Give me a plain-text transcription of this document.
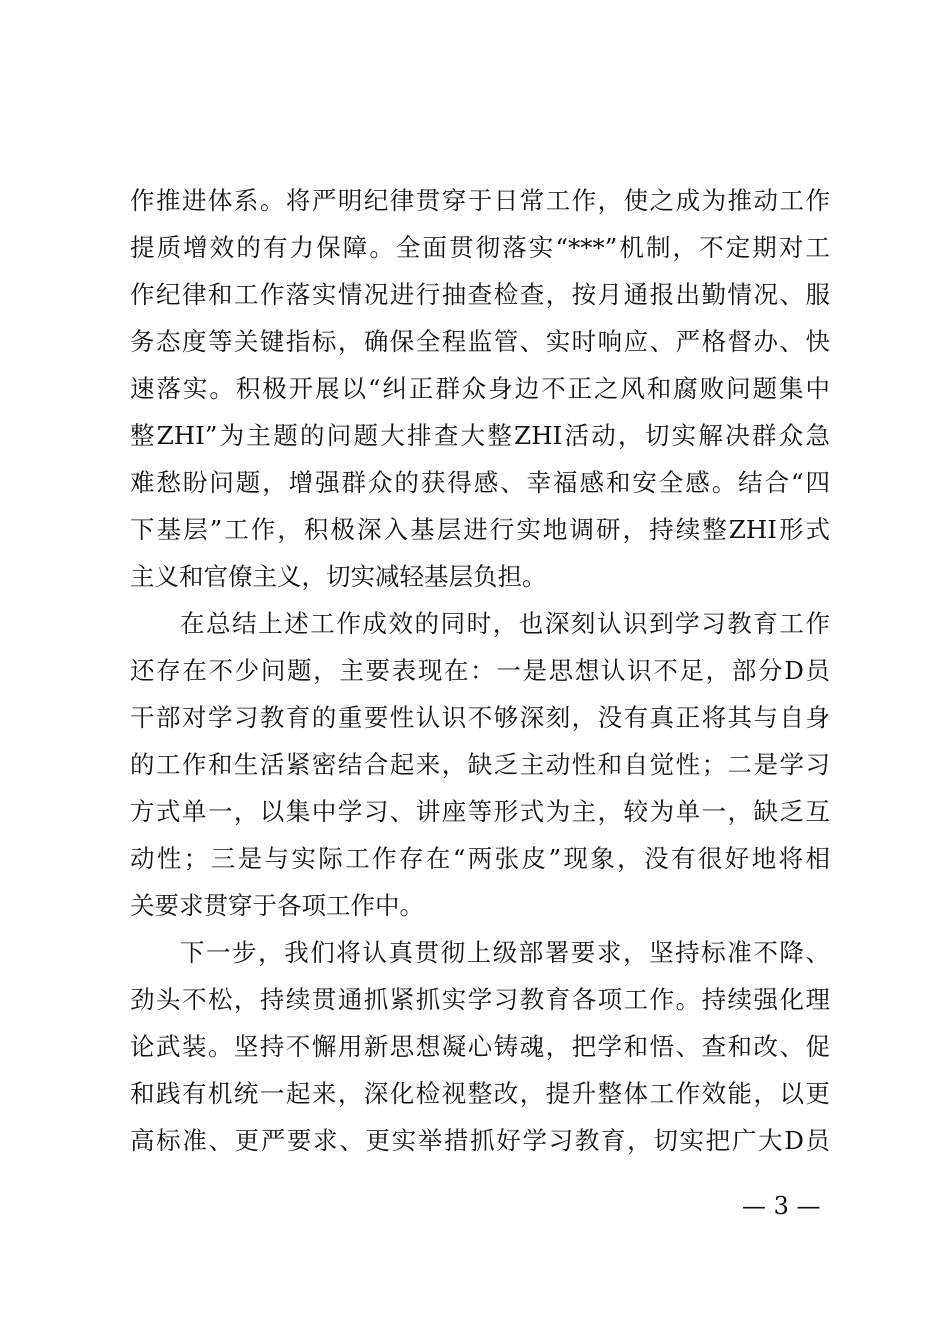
作推进体系。将严明纪律贯穿于日常工作，使之成为推动工作
提质增效的有力保障。全面贯彻落实“***”机制，不定期对工
作纪律和工作落实情况进行抽查检查，按月通报出勤情况、服
务态度等关键指标，确保全程监管、实时响应、严格督办、快
速落实。积极开展以“纠正群众身边不正之风和腐败问题集中
整ZHI”为主题的问题大排查大整ZHI活动，切实解决群众急
难愁盼问题，增强群众的获得感、幸福感和安全感。结合“四
下基层”工作，积极深入基层进行实地调研，持续整ZHI形式
主义和官僚主义，切实减轻基层负担。
在总结上述工作成效的同时，也深刻认识到学习教育工作
还存在不少问题，主要表现在：一是思想认识不足，部分D员
干部对学习教育的重要性认识不够深刻，没有真正将其与自身
的工作和生活紧密结合起来，缺乏主动性和自觉性；二是学习
方式单一，以集中学习、讲座等形式为主，较为单一，缺乏互
动性；三是与实际工作存在“两张皮”现象，没有很好地将相
关要求贯穿于各项工作中。
下一步，我们将认真贯彻上级部署要求，坚持标准不降、
劲头不松，持续贯通抓紧抓实学习教育各项工作。持续强化理
论武装。坚持不懈用新思想凝心铸魂，把学和悟、查和改、促
和践有机统一起来，深化检视整改，提升整体工作效能，以更
高标准、更严要求、更实举措抓好学习教育，切实把广大D员
— 3 —
